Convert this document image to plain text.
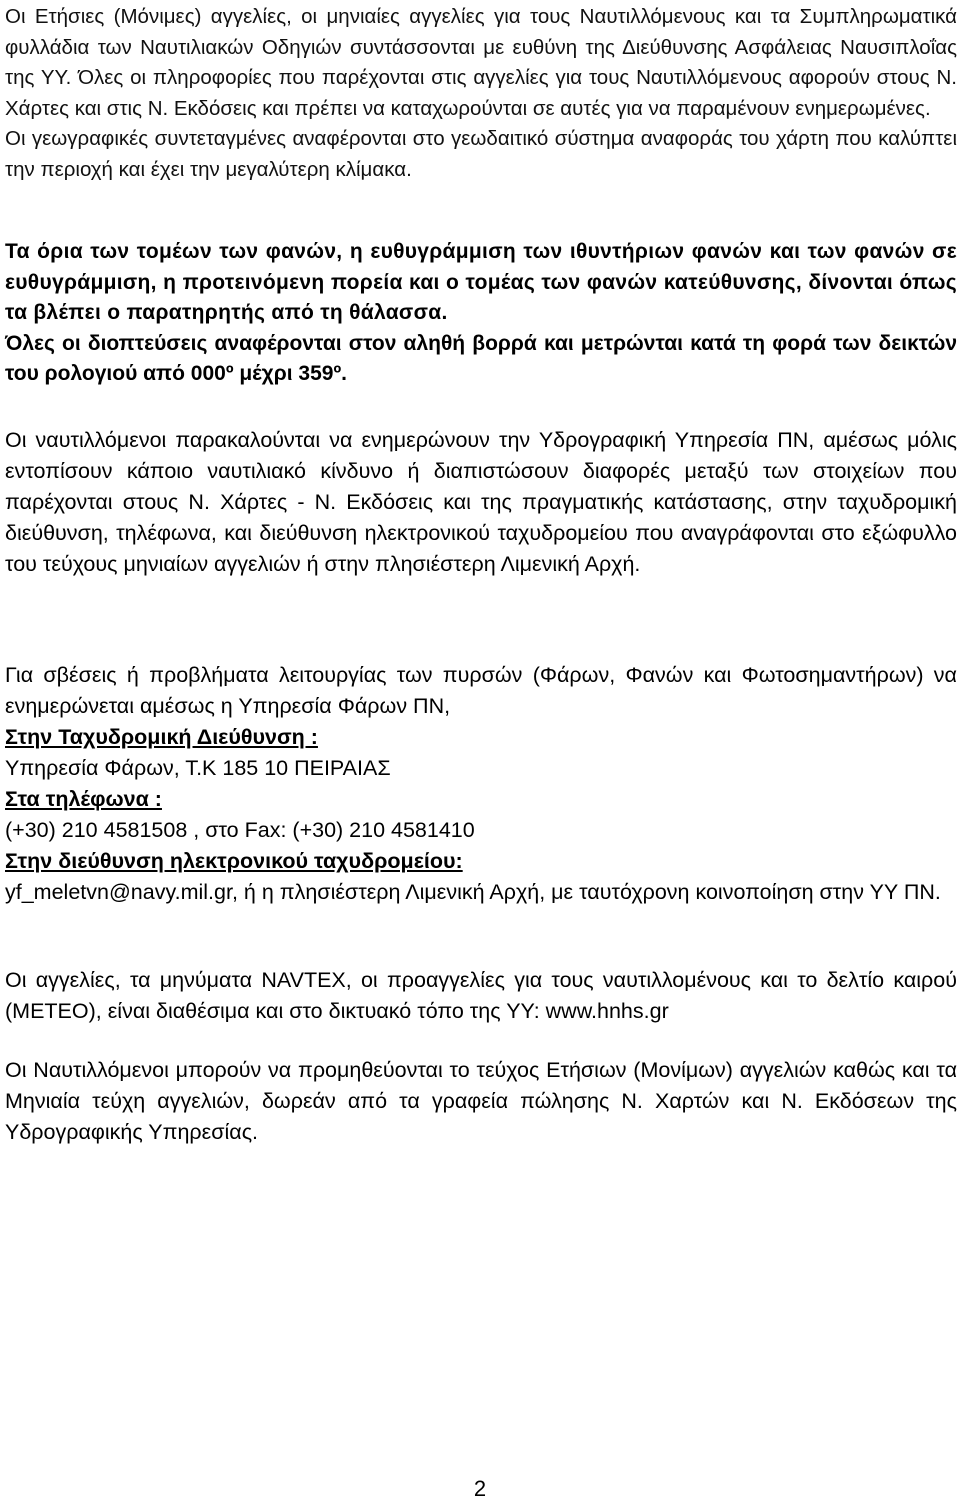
Οι Ετήσιες (Μόνιμες) αγγελίες, οι μηνιαίες αγγελίες για τους Ναυτιλλόμενους και τα Συμπληρωματικά φυλλάδια των Ναυτιλιακών Οδηγιών συντάσσονται με ευθύνη της Διεύθυνσης Ασφάλειας Ναυσιπλοΐας της ΥΥ. Όλες οι πληροφορίες που παρέχονται στις αγγελίες για τους Ναυτιλλόμενους αφορούν στους Ν. Χάρτες και στις Ν. Εκδόσεις και πρέπει να καταχωρούνται σε αυτές για να παραμένουν ενημερωμένες.

Οι γεωγραφικές συντεταγμένες αναφέρονται στο γεωδαιτικό σύστημα αναφοράς του χάρτη που καλύπτει την περιοχή και έχει την μεγαλύτερη κλίμακα.

Τα όρια των τομέων των φανών, η ευθυγράμμιση των ιθυντήριων φανών και των φανών σε ευθυγράμμιση, η προτεινόμενη πορεία και ο τομέας των φανών κατεύθυνσης, δίνονται όπως τα βλέπει ο παρατηρητής από τη θάλασσα.

Όλες οι διοπτεύσεις αναφέρονται στον αληθή βορρά και μετρώνται κατά τη φορά των δεικτών του ρολογιού από 000º μέχρι 359º.

Οι ναυτιλλόμενοι παρακαλούνται να ενημερώνουν την Υδρογραφική Υπηρεσία ΠΝ, αμέσως μόλις εντοπίσουν κάποιο ναυτιλιακό κίνδυνο ή διαπιστώσουν διαφορές μεταξύ των στοιχείων που παρέχονται στους Ν. Χάρτες - Ν. Εκδόσεις και της πραγματικής κατάστασης, στην ταχυδρομική διεύθυνση, τηλέφωνα, και διεύθυνση ηλεκτρονικού ταχυδρομείου που αναγράφονται στο εξώφυλλο του τεύχους μηνιαίων αγγελιών ή στην πλησιέστερη Λιμενική Αρχή.

Για σβέσεις ή προβλήματα λειτουργίας των πυρσών (Φάρων, Φανών και Φωτοσημαντήρων) να ενημερώνεται αμέσως η Υπηρεσία Φάρων ΠΝ,

Στην Ταχυδρομική Διεύθυνση :

Υπηρεσία Φάρων, Τ.Κ 185 10 ΠΕΙΡΑΙΑΣ

Στα τηλέφωνα :

(+30) 210 4581508 , στο Fax: (+30) 210 4581410

Στην διεύθυνση ηλεκτρονικού ταχυδρομείου:

yf_meletvn@navy.mil.gr, ή η πλησιέστερη Λιμενική Αρχή, με ταυτόχρονη κοινοποίηση στην ΥΥ ΠΝ.

Οι αγγελίες, τα μηνύματα NAVTEX, οι προαγγελίες για τους ναυτιλλομένους και το δελτίο καιρού (ΜΕΤΕΟ), είναι διαθέσιμα και στο δικτυακό τόπο της ΥΥ: www.hnhs.gr

Οι Ναυτιλλόμενοι μπορούν να προμηθεύονται το τεύχος Ετήσιων (Μονίμων) αγγελιών καθώς και τα Μηνιαία τεύχη αγγελιών, δωρεάν από τα γραφεία πώλησης Ν. Χαρτών και Ν. Εκδόσεων της Υδρογραφικής Υπηρεσίας.

2
